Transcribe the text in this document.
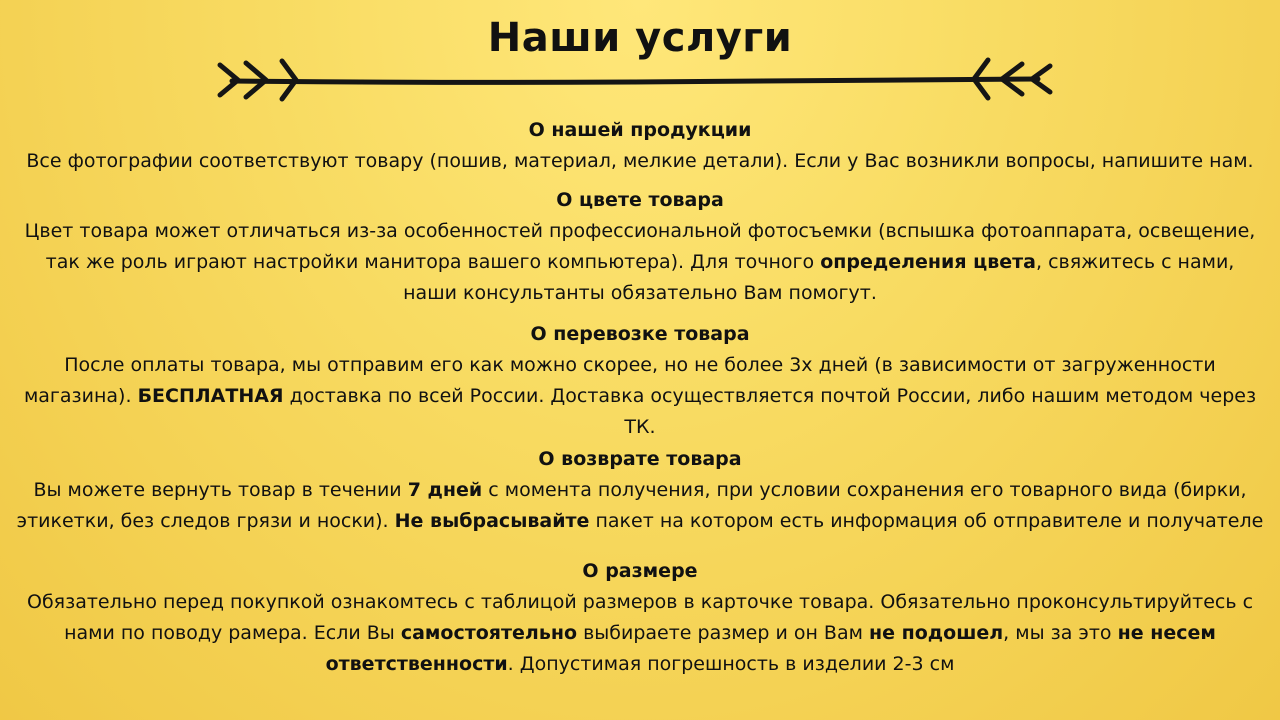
Наши услуги
О нашей продукции
Все фотографии соответствуют товару (пошив, материал, мелкие детали). Если у Вас возникли вопросы, напишите нам.
О цвете товара
Цвет товара может отличаться из-за особенностей профессиональной фотосъемки (вспышка фотоаппарата, освещение,
так же роль играют настройки манитора вашего компьютера). Для точного определения цвета, свяжитесь с нами,
наши консультанты обязательно Вам помогут.
О перевозке товара
После оплаты товара, мы отправим его как можно скорее, но не более 3х дней (в зависимости от загруженности
магазина). БЕСПЛАТНАЯ доставка по всей России. Доставка осуществляется почтой России, либо нашим методом через
ТК.
О возврате товара
Вы можете вернуть товар в течении 7 дней с момента получения, при условии сохранения его товарного вида (бирки,
этикетки, без следов грязи и носки). Не выбрасывайте пакет на котором есть информация об отправителе и получателе
О размере
Обязательно перед покупкой ознакомтесь с таблицой размеров в карточке товара. Обязательно проконсультируйтесь с
нами по поводу рамера. Если Вы самостоятельно выбираете размер и он Вам не подошел, мы за это не несем
ответственности. Допустимая погрешность в изделии 2-3 см
